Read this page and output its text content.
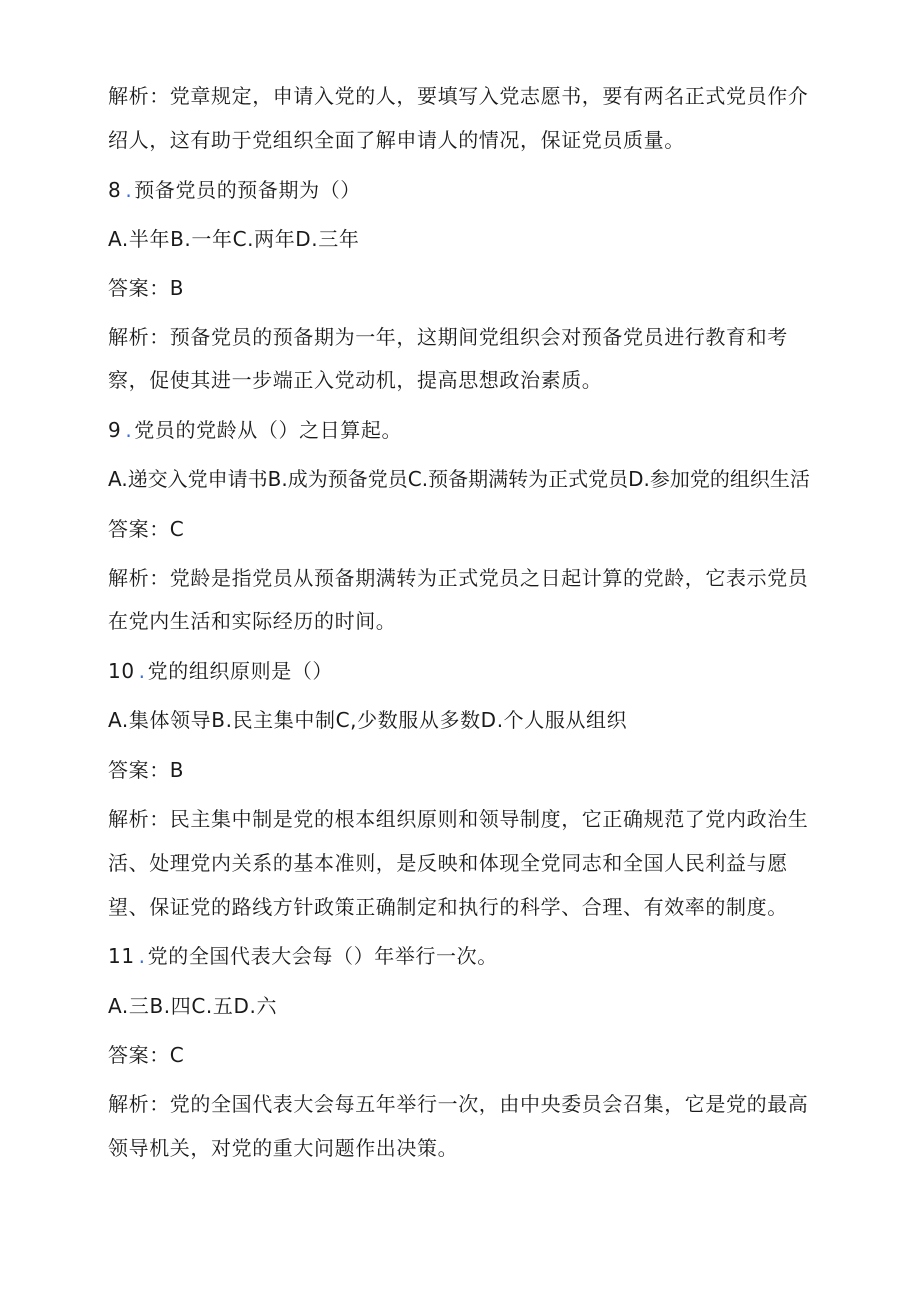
解析：党章规定，申请入党的人，要填写入党志愿书，要有两名正式党员作介
绍人，这有助于党组织全面了解申请人的情况，保证党员质量。
8 . 预备党员的预备期为（）
A.半年B.一年C.两年D.三年
答案：B
解析：预备党员的预备期为一年，这期间党组织会对预备党员进行教育和考
察，促使其进一步端正入党动机，提高思想政治素质。
9 . 党员的党龄从（）之日算起。
A.递交入党申请书B.成为预备党员C.预备期满转为正式党员D.参加党的组织生活
答案：C
解析：党龄是指党员从预备期满转为正式党员之日起计算的党龄，它表示党员
在党内生活和实际经历的时间。
10 . 党的组织原则是（）
A.集体领导B.民主集中制C,少数服从多数D.个人服从组织
答案：B
解析：民主集中制是党的根本组织原则和领导制度，它正确规范了党内政治生
活、处理党内关系的基本准则，是反映和体现全党同志和全国人民利益与愿
望、保证党的路线方针政策正确制定和执行的科学、合理、有效率的制度。
11 . 党的全国代表大会每（）年举行一次。
A.三B.四C.五D.六
答案：C
解析：党的全国代表大会每五年举行一次，由中央委员会召集，它是党的最高
领导机关，对党的重大问题作出决策。
